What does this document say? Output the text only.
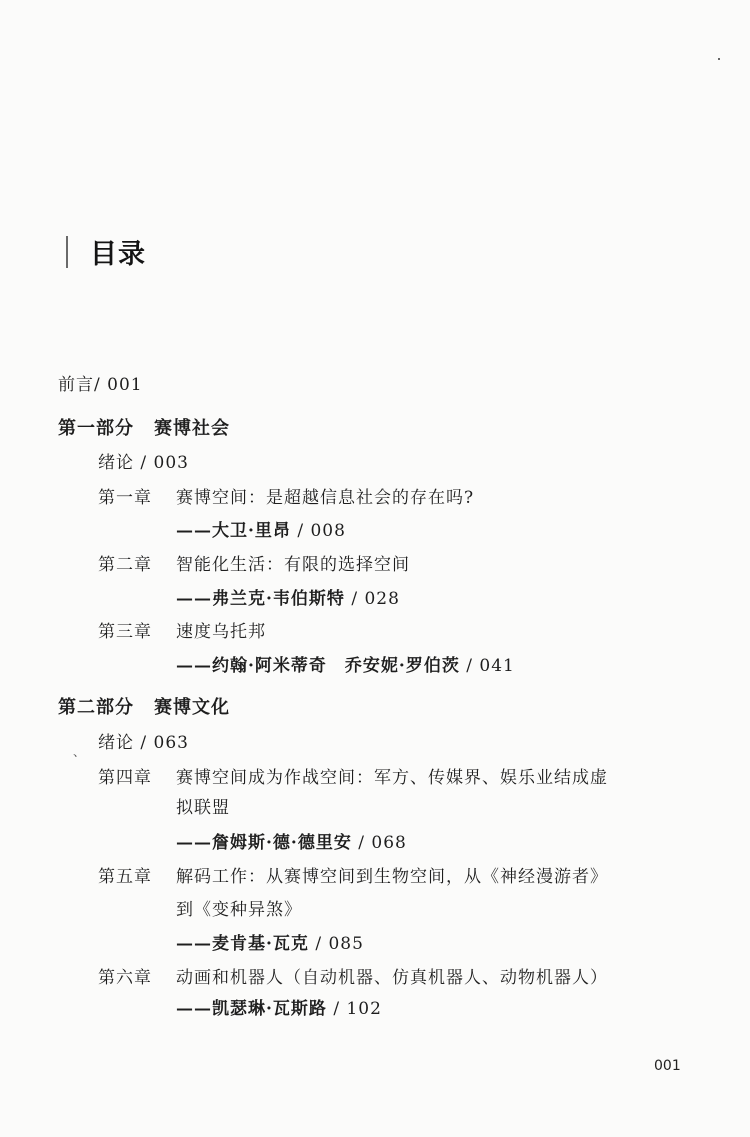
目录
前言/ 001
第一部分 赛博社会
绪论 / 003
第一章 赛博空间：是超越信息社会的存在吗?
——大卫·里昂 / 008
第二章 智能化生活：有限的选择空间
——弗兰克·韦伯斯特 / 028
第三章 速度乌托邦
——约翰·阿米蒂奇　乔安妮·罗伯茨 / 041
第二部分 赛博文化
、 绪论 / 063
第四章 赛博空间成为作战空间：军方、传媒界、娱乐业结成虚
拟联盟
——詹姆斯·德·德里安 / 068
第五章 解码工作：从赛博空间到生物空间，从《神经漫游者》
到《变种异煞》
——麦肯基·瓦克 / 085
第六章 动画和机器人（自动机器、仿真机器人、动物机器人）
——凯瑟琳·瓦斯路 / 102
001
